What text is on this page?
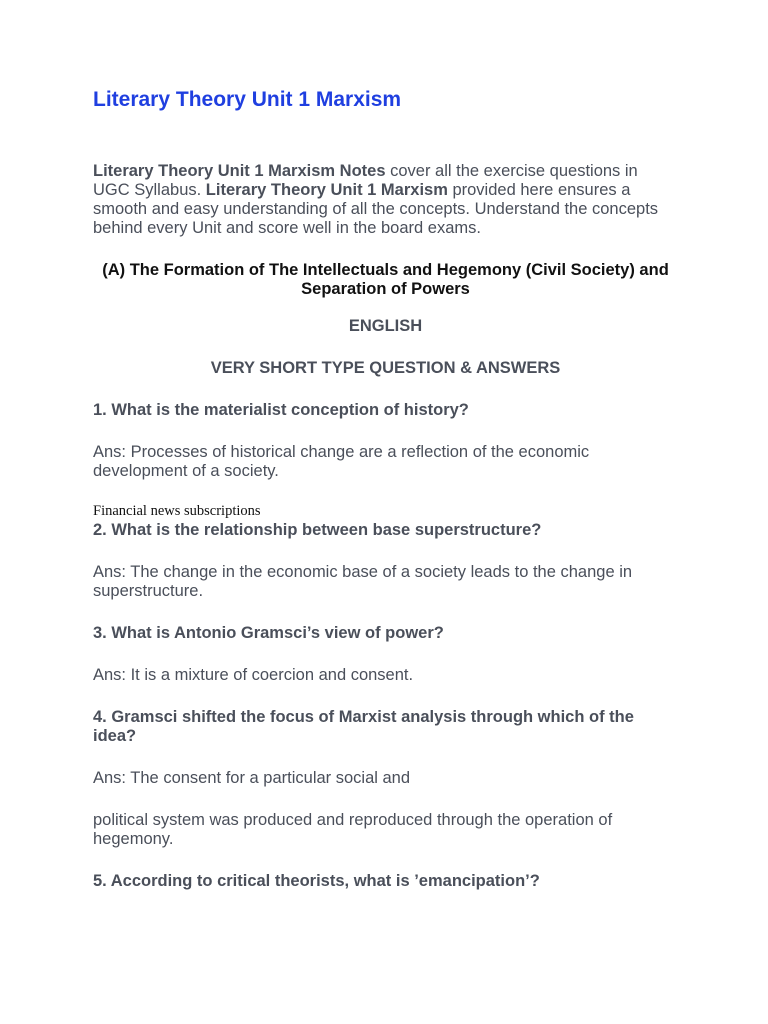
Literary Theory Unit 1 Marxism

Literary Theory Unit 1 Marxism Notes cover all the exercise questions in UGC Syllabus. Literary Theory Unit 1 Marxism provided here ensures a smooth and easy understanding of all the concepts. Understand the concepts behind every Unit and score well in the board exams.

(A) The Formation of The Intellectuals and Hegemony (Civil Society) and Separation of Powers

ENGLISH

VERY SHORT TYPE QUESTION & ANSWERS

1. What is the materialist conception of history?

Ans: Processes of historical change are a reflection of the economic development of a society.

Financial news subscriptions

2. What is the relationship between base superstructure?

Ans: The change in the economic base of a society leads to the change in superstructure.

3. What is Antonio Gramsci’s view of power?

Ans: It is a mixture of coercion and consent.

4. Gramsci shifted the focus of Marxist analysis through which of the idea?

Ans: The consent for a particular social and

political system was produced and reproduced through the operation of hegemony.

5. According to critical theorists, what is ’emancipation’?
